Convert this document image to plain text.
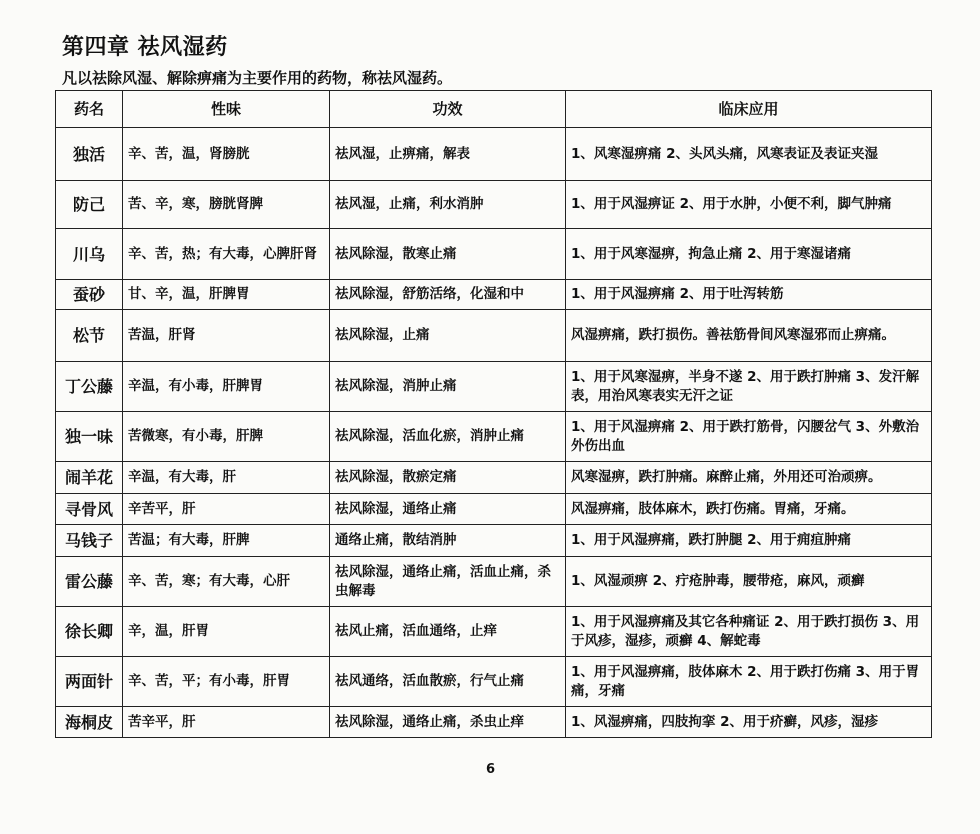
第四章 祛风湿药
凡以祛除风湿、解除痹痛为主要作用的药物，称祛风湿药。
药名	性味	功效	临床应用
独活	辛、苦，温，肾膀胱	祛风湿，止痹痛，解表	1、风寒湿痹痛 2、头风头痛，风寒表证及表证夹湿
防己	苦、辛，寒，膀胱肾脾	祛风湿，止痛，利水消肿	1、用于风湿痹证 2、用于水肿，小便不利，脚气肿痛
川乌	辛、苦，热；有大毒，心脾肝肾	祛风除湿，散寒止痛	1、用于风寒湿痹，拘急止痛 2、用于寒湿诸痛
蚕砂	甘、辛，温，肝脾胃	祛风除湿，舒筋活络，化湿和中	1、用于风湿痹痛 2、用于吐泻转筋
松节	苦温，肝肾	祛风除湿，止痛	风湿痹痛，跌打损伤。善祛筋骨间风寒湿邪而止痹痛。
丁公藤	辛温，有小毒，肝脾胃	祛风除湿，消肿止痛	1、用于风寒湿痹，半身不遂 2、用于跌打肿痛 3、发汗解表，用治风寒表实无汗之证
独一味	苦微寒，有小毒，肝脾	祛风除湿，活血化瘀，消肿止痛	1、用于风湿痹痛 2、用于跌打筋骨，闪腰岔气 3、外敷治外伤出血
闹羊花	辛温，有大毒，肝	祛风除湿，散瘀定痛	风寒湿痹，跌打肿痛。麻醉止痛，外用还可治顽痹。
寻骨风	辛苦平，肝	祛风除湿，通络止痛	风湿痹痛，肢体麻木，跌打伤痛。胃痛，牙痛。
马钱子	苦温；有大毒，肝脾	通络止痛，散结消肿	1、用于风湿痹痛，跌打肿腿 2、用于痈疽肿痛
雷公藤	辛、苦，寒；有大毒，心肝	祛风除湿，通络止痛，活血止痛，杀虫解毒	1、风湿顽痹 2、疔疮肿毒，腰带疮，麻风，顽癣
徐长卿	辛，温，肝胃	祛风止痛，活血通络，止痒	1、用于风湿痹痛及其它各种痛证 2、用于跌打损伤 3、用于风疹，湿疹，顽癣 4、解蛇毒
两面针	辛、苦，平；有小毒，肝胃	祛风通络，活血散瘀，行气止痛	1、用于风湿痹痛，肢体麻木 2、用于跌打伤痛 3、用于胃痛，牙痛
海桐皮	苦辛平，肝	祛风除湿，通络止痛，杀虫止痒	1、风湿痹痛，四肢拘挛 2、用于疥癣，风疹，湿疹
6
